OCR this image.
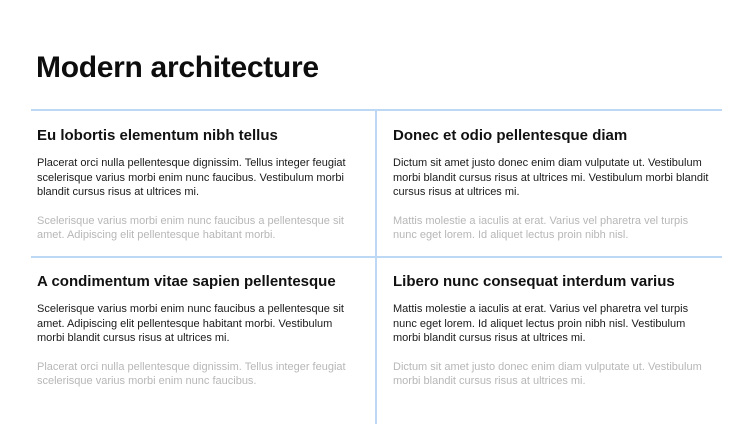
Modern architecture
Eu lobortis elementum nibh tellus

Placerat orci nulla pellentesque dignissim. Tellus integer feugiat scelerisque varius morbi enim nunc faucibus. Vestibulum morbi blandit cursus risus at ultrices mi.

Scelerisque varius morbi enim nunc faucibus a pellentesque sit amet. Adipiscing elit pellentesque habitant morbi.

Donec et odio pellentesque diam

Dictum sit amet justo donec enim diam vulputate ut. Vestibulum morbi blandit cursus risus at ultrices mi. Vestibulum morbi blandit cursus risus at ultrices mi.

Mattis molestie a iaculis at erat. Varius vel pharetra vel turpis nunc eget lorem. Id aliquet lectus proin nibh nisl.

A condimentum vitae sapien pellentesque

Scelerisque varius morbi enim nunc faucibus a pellentesque sit amet. Adipiscing elit pellentesque habitant morbi. Vestibulum morbi blandit cursus risus at ultrices mi.

Placerat orci nulla pellentesque dignissim. Tellus integer feugiat scelerisque varius morbi enim nunc faucibus.

Libero nunc consequat interdum varius

Mattis molestie a iaculis at erat. Varius vel pharetra vel turpis nunc eget lorem. Id aliquet lectus proin nibh nisl. Vestibulum morbi blandit cursus risus at ultrices mi.

Dictum sit amet justo donec enim diam vulputate ut. Vestibulum morbi blandit cursus risus at ultrices mi.
